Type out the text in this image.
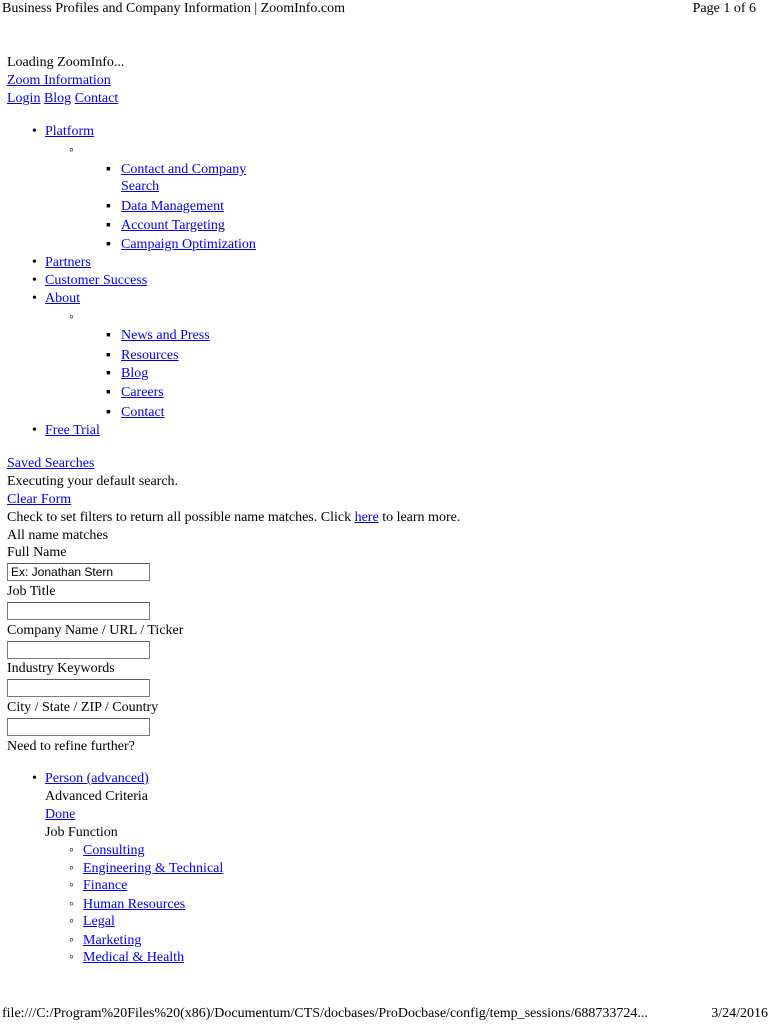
Business Profiles and Company Information | ZoomInfo.com	Page 1 of 6
Loading ZoomInfo...
Zoom Information
Login Blog Contact
•
Platform
◦
▪
Contact and Company
Search
▪
Data Management
▪
Account Targeting
▪
Campaign Optimization
•
Partners
•
Customer Success
•
About
◦
▪
News and Press
▪
Resources
▪
Blog
▪
Careers
▪
Contact
•
Free Trial
Saved Searches
Executing your default search.
Clear Form
Check to set filters to return all possible name matches. Click here to learn more.
All name matches
Full Name
Ex: Jonathan Stern
Job Title
Company Name / URL / Ticker
Industry Keywords
City / State / ZIP / Country
Need to refine further?
•
Person (advanced)
Advanced Criteria
Done
Job Function
◦
Consulting
◦
Engineering & Technical
◦
Finance
◦
Human Resources
◦
Legal
◦
Marketing
◦
Medical & Health
file:///C:/Program%20Files%20(x86)/Documentum/CTS/docbases/ProDocbase/config/temp_sessions/688733724...	3/24/2016
